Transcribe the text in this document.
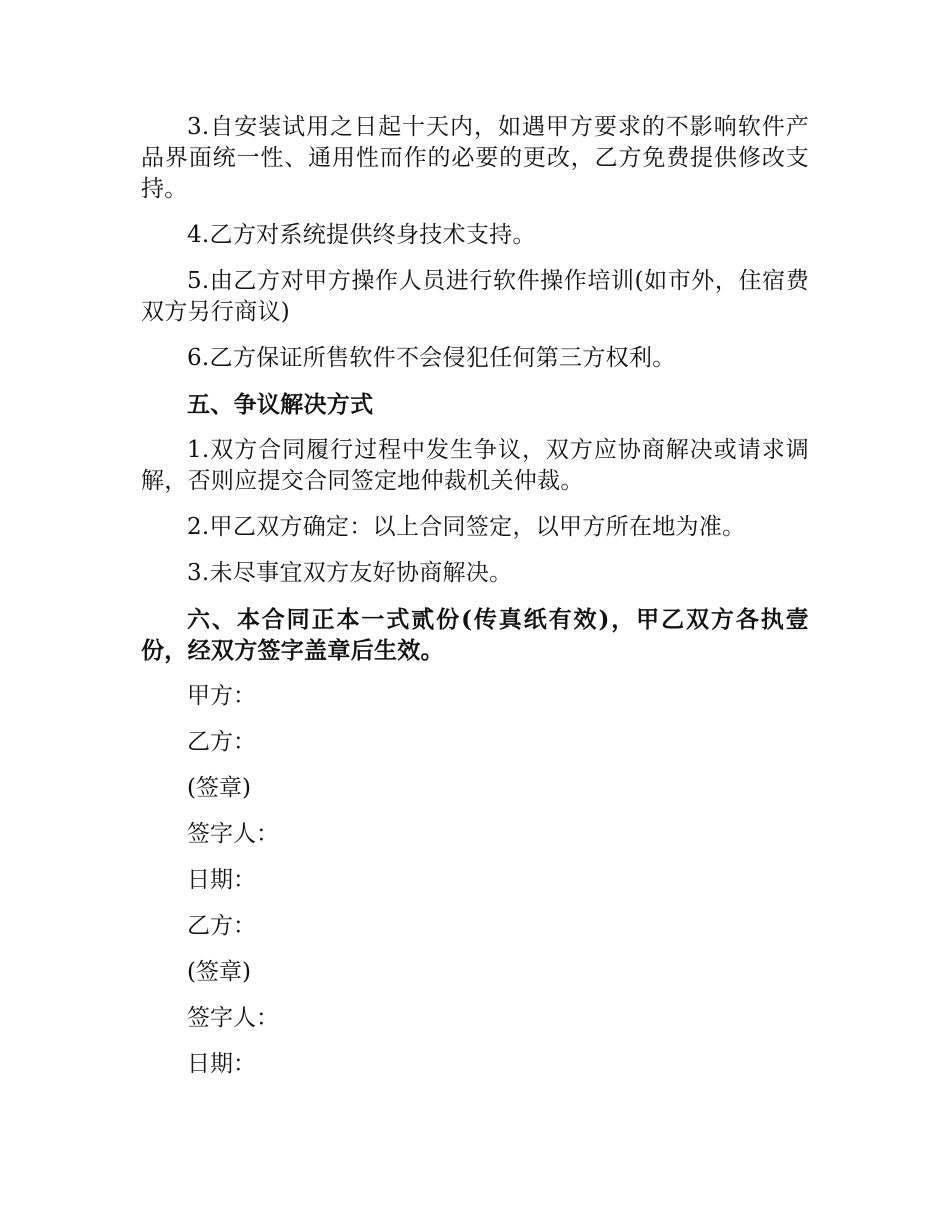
3.自安装试用之日起十天内，如遇甲方要求的不影响软件产品界面统一性、通用性而作的必要的更改，乙方免费提供修改支持。

4.乙方对系统提供终身技术支持。

5.由乙方对甲方操作人员进行软件操作培训(如市外，住宿费双方另行商议)

6.乙方保证所售软件不会侵犯任何第三方权利。

五、争议解决方式

1.双方合同履行过程中发生争议，双方应协商解决或请求调解，否则应提交合同签定地仲裁机关仲裁。

2.甲乙双方确定：以上合同签定，以甲方所在地为准。

3.未尽事宜双方友好协商解决。

六、本合同正本一式贰份(传真纸有效)，甲乙双方各执壹份，经双方签字盖章后生效。

甲方：

乙方：

(签章)

签字人：

日期：

乙方：

(签章)

签字人：

日期：
